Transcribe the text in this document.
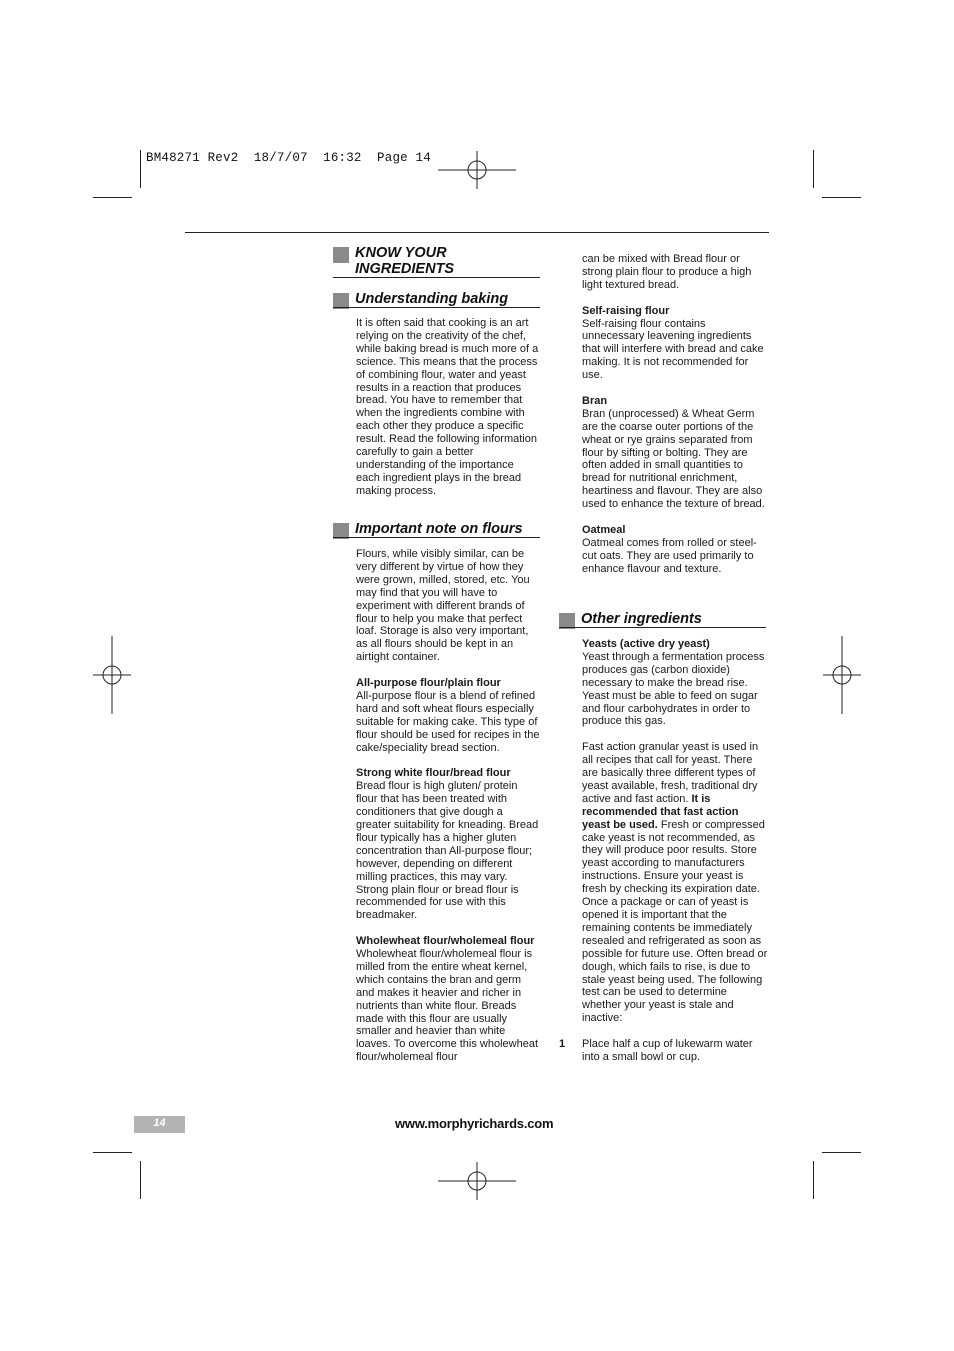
BM48271 Rev2  18/7/07  16:32  Page 14
KNOW YOUR
INGREDIENTS
Understanding baking

It is often said that cooking is an art relying on the creativity of the chef, while baking bread is much more of a science. This means that the process of combining flour, water and yeast results in a reaction that produces bread. You have to remember that when the ingredients combine with each other they produce a specific result. Read the following information carefully to gain a better understanding of the importance each ingredient plays in the bread making process.

Important note on flours

Flours, while visibly similar, can be very different by virtue of how they were grown, milled, stored, etc. You may find that you will have to experiment with different brands of flour to help you make that perfect loaf. Storage is also very important, as all flours should be kept in an airtight container.

All-purpose flour/plain flour
All-purpose flour is a blend of refined hard and soft wheat flours especially suitable for making cake. This type of flour should be used for recipes in the cake/speciality bread section.

Strong white flour/bread flour
Bread flour is high gluten/ protein flour that has been treated with conditioners that give dough a greater suitability for kneading. Bread flour typically has a higher gluten concentration than All-purpose flour; however, depending on different milling practices, this may vary. Strong plain flour or bread flour is recommended for use with this breadmaker.

Wholewheat flour/wholemeal flour
Wholewheat flour/wholemeal flour is milled from the entire wheat kernel, which contains the bran and germ and makes it heavier and richer in nutrients than white flour. Breads made with this flour are usually smaller and heavier than white loaves. To overcome this wholewheat flour/wholemeal flour

can be mixed with Bread flour or strong plain flour to produce a high light textured bread.

Self-raising flour
Self-raising flour contains unnecessary leavening ingredients that will interfere with bread and cake making. It is not recommended for use.

Bran
Bran (unprocessed) & Wheat Germ are the coarse outer portions of the wheat or rye grains separated from flour by sifting or bolting. They are often added in small quantities to bread for nutritional enrichment, heartiness and flavour. They are also used to enhance the texture of bread.

Oatmeal
Oatmeal comes from rolled or steel-cut oats. They are used primarily to enhance flavour and texture.

Other ingredients

Yeasts (active dry yeast)
Yeast through a fermentation process produces gas (carbon dioxide) necessary to make the bread rise. Yeast must be able to feed on sugar and flour carbohydrates in order to produce this gas.

Fast action granular yeast is used in all recipes that call for yeast. There are basically three different types of yeast available, fresh, traditional dry active and fast action. It is recommended that fast action yeast be used. Fresh or compressed cake yeast is not recommended, as they will produce poor results. Store yeast according to manufacturers instructions. Ensure your yeast is fresh by checking its expiration date. Once a package or can of yeast is opened it is important that the remaining contents be immediately resealed and refrigerated as soon as possible for future use. Often bread or dough, which fails to rise, is due to stale yeast being used. The following test can be used to determine whether your yeast is stale and inactive:

Place half a cup of lukewarm water into a small bowl or cup.

1
14	www.morphyrichards.com
